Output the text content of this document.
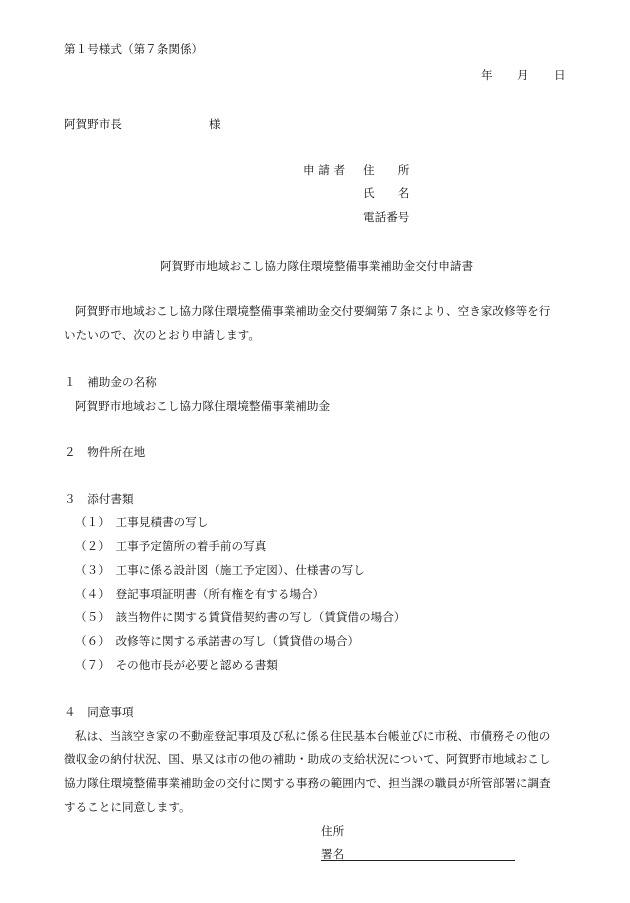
第１号様式（第７条関係）
年 月 日
阿賀野市長	様
申 請 者 住　　所
氏　　名
電話番号
阿賀野市地域おこし協力隊住環境整備事業補助金交付申請書
阿賀野市地域おこし協力隊住環境整備事業補助金交付要綱第７条により、空き家改修等を行
いたいので、次のとおり申請します。
１　補助金の名称
阿賀野市地域おこし協力隊住環境整備事業補助金
２　物件所在地
３　添付書類
（１）　工事見積書の写し
（２）　工事予定箇所の着手前の写真
（３）　工事に係る設計図（施工予定図）、仕様書の写し
（４）　登記事項証明書（所有権を有する場合）
（５）　該当物件に関する賃貸借契約書の写し（賃貸借の場合）
（６）　改修等に関する承諾書の写し（賃貸借の場合）
（７）　その他市長が必要と認める書類
４　同意事項
私は、当該空き家の不動産登記事項及び私に係る住民基本台帳並びに市税、市債務その他の
徴収金の納付状況、国、県又は市の他の補助・助成の支給状況について、阿賀野市地域おこし
協力隊住環境整備事業補助金の交付に関する事務の範囲内で、担当課の職員が所管部署に調査
することに同意します。
住所
署名
